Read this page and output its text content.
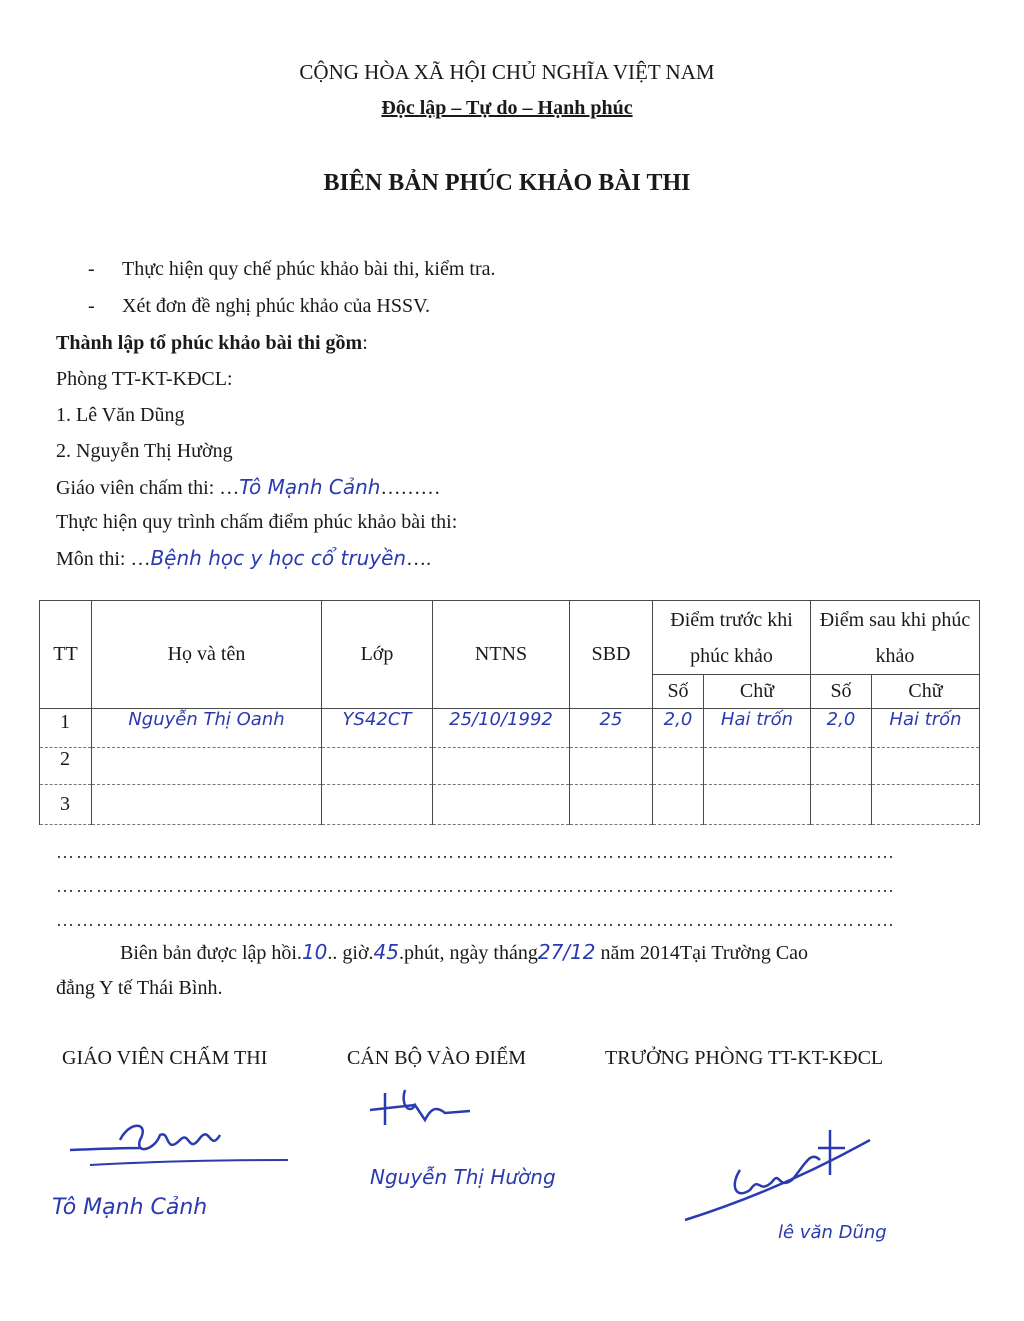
CỘNG HÒA XÃ HỘI CHỦ NGHĨA VIỆT NAM
Độc lập – Tự do – Hạnh phúc
BIÊN BẢN PHÚC KHẢO BÀI THI
- Thực hiện quy chế phúc khảo bài thi, kiểm tra.
- Xét đơn đề nghị phúc khảo của HSSV.
Thành lập tổ phúc khảo bài thi gồm:
Phòng TT-KT-KĐCL:
1. Lê Văn Dũng
2. Nguyễn Thị Hường
Giáo viên chấm thi: …Tô Mạnh Cảnh………
Thực hiện quy trình chấm điểm phúc khảo bài thi:
Môn thi: …Bệnh học y học cổ truyền….
TT	Họ và tên	Lớp	NTNS	SBD	Điểm trước khi phúc khảo		Điểm sau khi phúc khảo	
					Số	Chữ	Số	Chữ
1	Nguyễn Thị Oanh	YS42CT	25/10/1992	25	2,0	Hai trốn	2,0	Hai trốn
2								
3								
………………………………………………………………………………………………………………
………………………………………………………………………………………………………………
………………………………………………………………………………………………………………
Biên bản được lập hồi.10.. giờ.45.phút, ngày tháng27/12 năm 2014Tại Trường Cao
đẳng Y tế Thái Bình.
GIÁO VIÊN CHẤM THI	CÁN BỘ VÀO ĐIỂM	TRƯỞNG PHÒNG TT-KT-KĐCL
Tô Mạnh Cảnh
Nguyễn Thị Hường
lê văn Dũng
